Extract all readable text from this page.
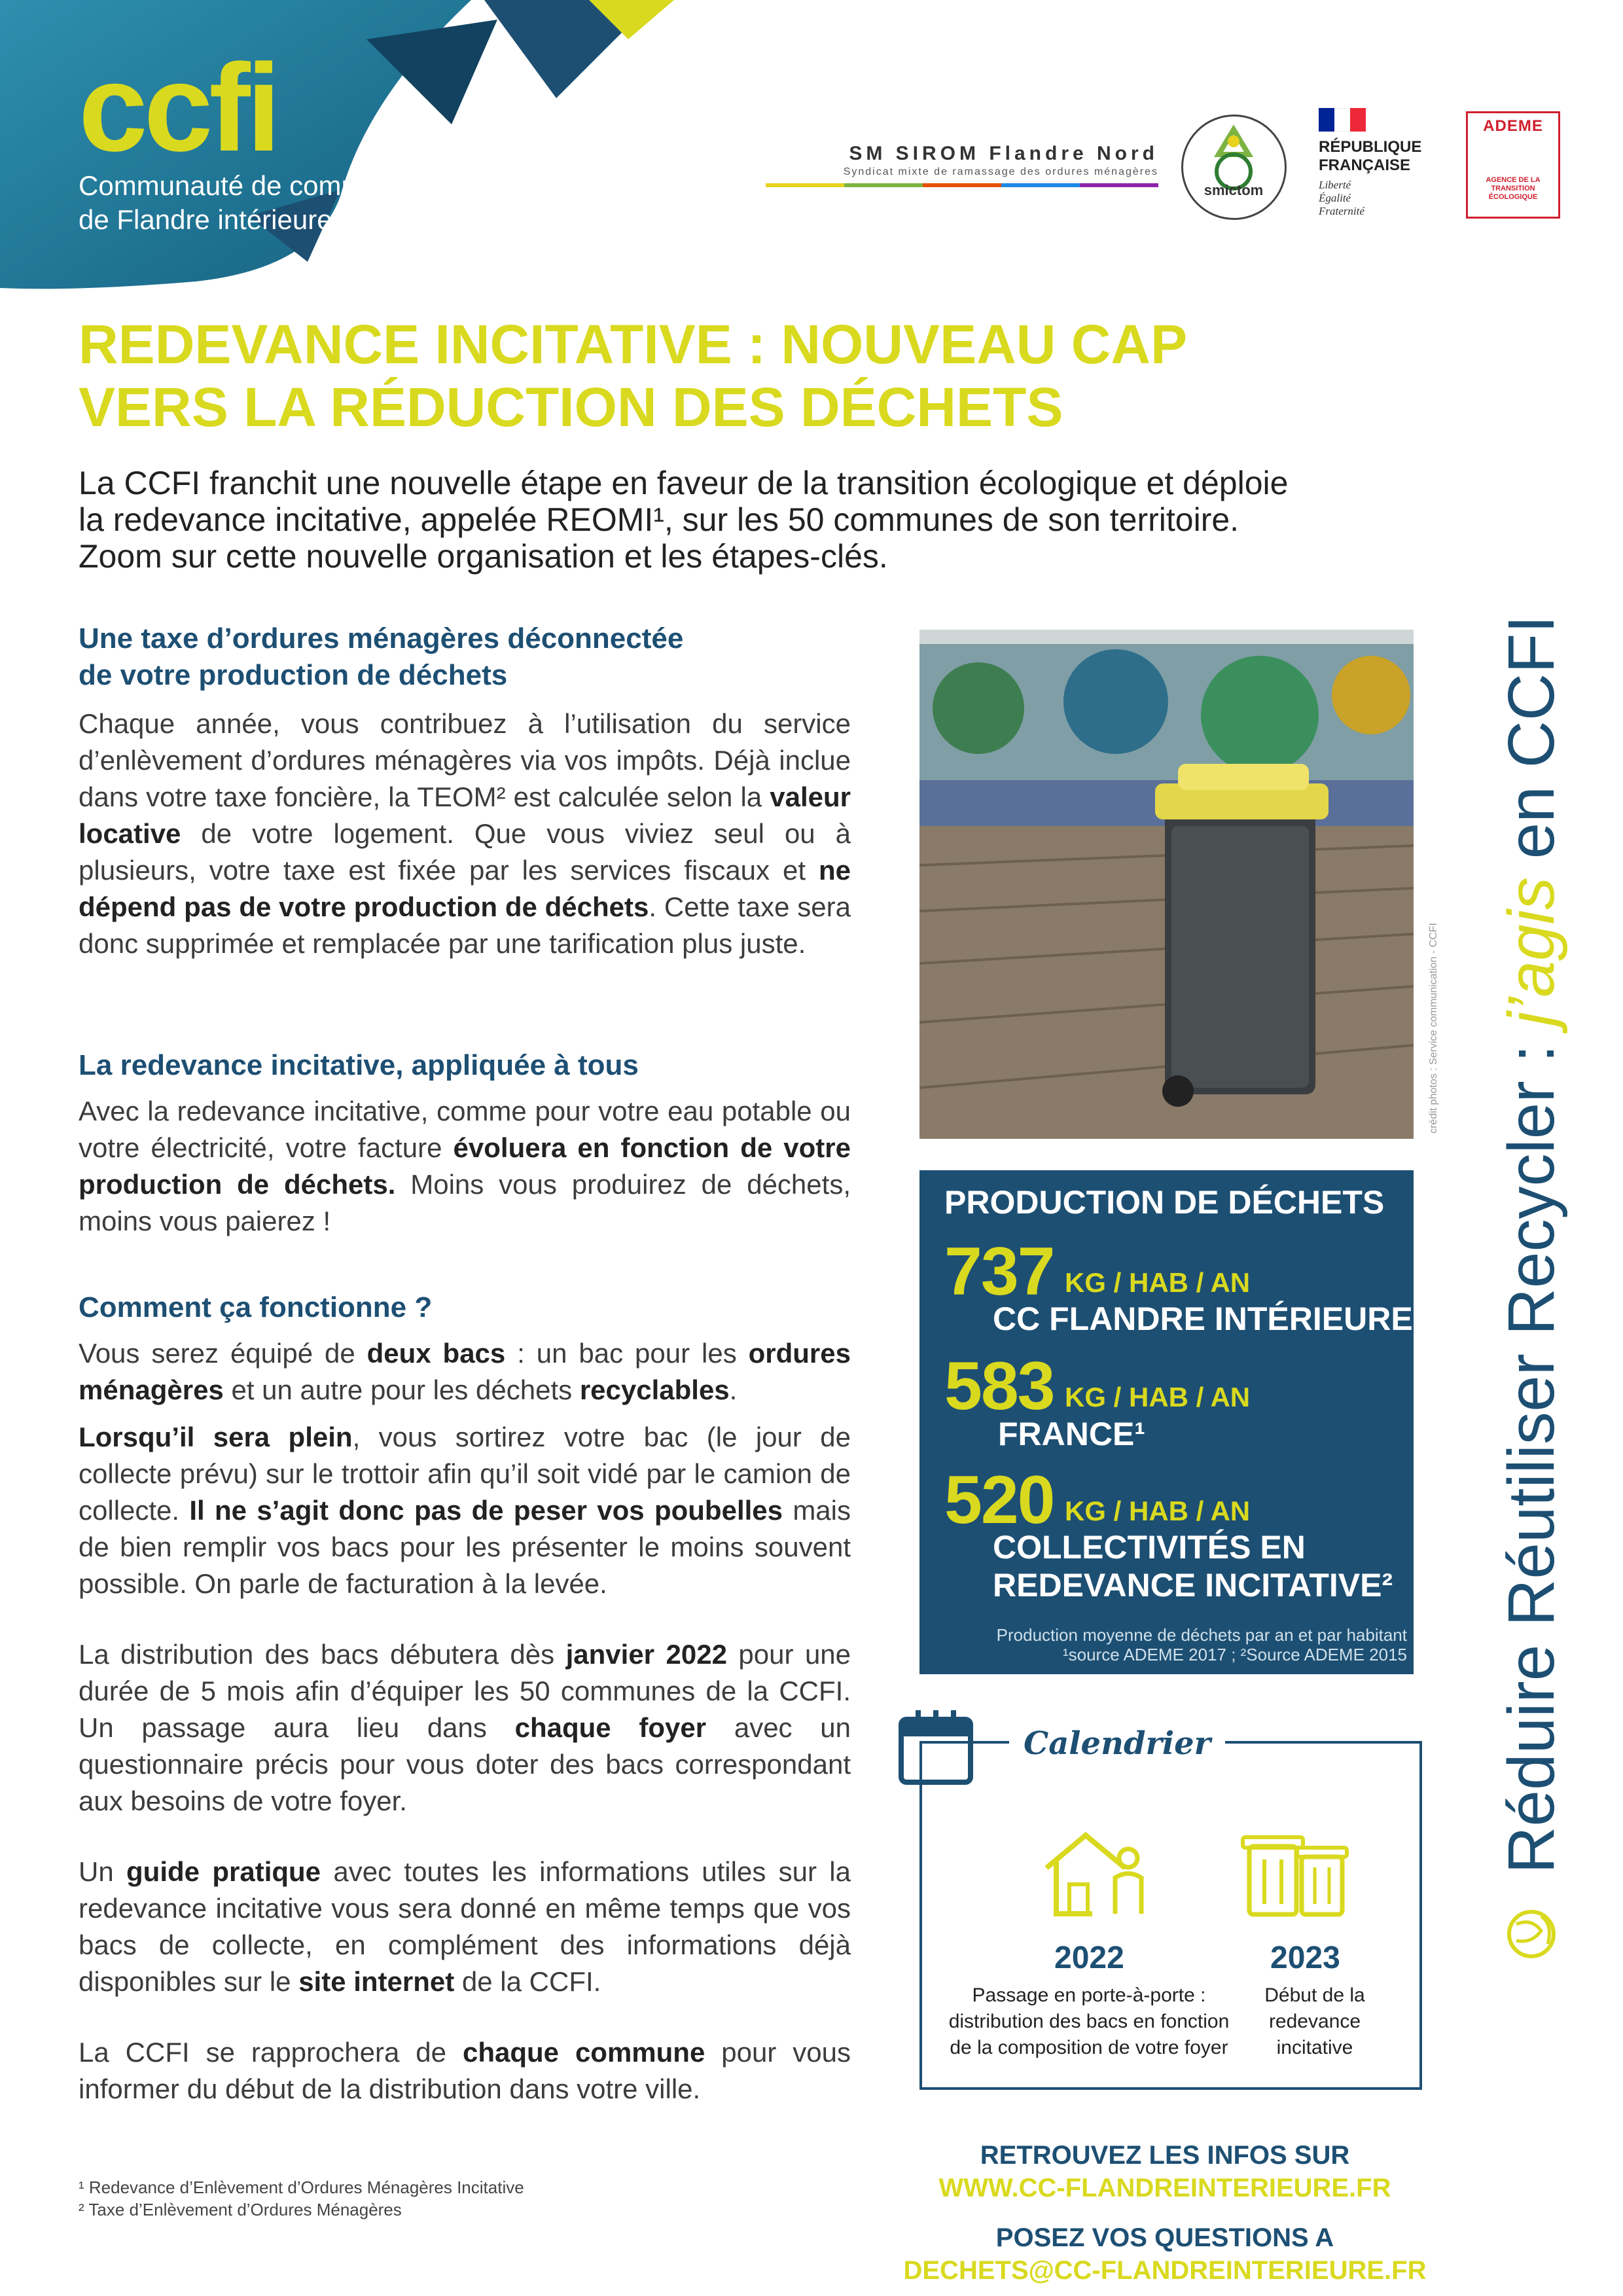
ccfi
Communauté de communes
de Flandre intérieure
SM SIROM Flandre Nord
Syndicat mixte de ramassage des ordures ménagères
smictom
RÉPUBLIQUE
FRANÇAISE
Liberté
Égalité
Fraternité
ADEME
AGENCE DE LA
TRANSITION
ÉCOLOGIQUE
REDEVANCE INCITATIVE : NOUVEAU CAP
VERS LA RÉDUCTION DES DÉCHETS
La CCFI franchit une nouvelle étape en faveur de la transition écologique et déploie
la redevance incitative, appelée REOMI¹, sur les 50 communes de son territoire.
Zoom sur cette nouvelle organisation et les étapes-clés.
Une taxe d’ordures ménagères déconnectée
de votre production de déchets
Chaque année, vous contribuez à l’utilisation du service d’enlèvement d’ordures ménagères via vos impôts. Déjà inclue dans votre taxe foncière, la TEOM² est calculée selon la valeur locative de votre logement. Que vous viviez seul ou à plusieurs, votre taxe est fixée par les services fiscaux et ne dépend pas de votre production de déchets. Cette taxe sera donc supprimée et remplacée par une tarification plus juste.
La redevance incitative, appliquée à tous
Avec la redevance incitative, comme pour votre eau potable ou votre électricité, votre facture évoluera en fonction de votre production de déchets. Moins vous produirez de déchets, moins vous paierez !
Comment ça fonctionne ?
Vous serez équipé de deux bacs : un bac pour les ordures ménagères et un autre pour les déchets recyclables.
Lorsqu’il sera plein, vous sortirez votre bac (le jour de collecte prévu) sur le trottoir afin qu’il soit vidé par le camion de collecte. Il ne s’agit donc pas de peser vos poubelles mais de bien remplir vos bacs pour les présenter le moins souvent possible. On parle de facturation à la levée.
La distribution des bacs débutera dès janvier 2022 pour une durée de 5 mois afin d’équiper les 50 communes de la CCFI. Un passage aura lieu dans chaque foyer avec un questionnaire précis pour vous doter des bacs correspondant aux besoins de votre foyer.
Un guide pratique avec toutes les informations utiles sur la redevance incitative vous sera donné en même temps que vos bacs de collecte, en complément des informations déjà disponibles sur le site internet de la CCFI.
La CCFI se rapprochera de chaque commune pour vous informer du début de la distribution dans votre ville.
¹ Redevance d’Enlèvement d’Ordures Ménagères Incitative
² Taxe d’Enlèvement d’Ordures Ménagères
crédit photos : Service communication - CCFI
PRODUCTION DE DÉCHETS
737 KG / HAB / AN
CC FLANDRE INTÉRIEURE
583 KG / HAB / AN
FRANCE¹
520 KG / HAB / AN
COLLECTIVITÉS EN
REDEVANCE INCITATIVE²
Production moyenne de déchets par an et par habitant
¹source ADEME 2017 ; ²Source ADEME 2015
2022
Passage en porte-à-porte :
distribution des bacs en fonction
de la composition de votre foyer
2023
Début de la
redevance
incitative
Calendrier
RETROUVEZ LES INFOS SUR
WWW.CC-FLANDREINTERIEURE.FR
POSEZ VOS QUESTIONS A
DECHETS@CC-FLANDREINTERIEURE.FR
Réduire Réutiliser Recycler : j’agis en CCFI
